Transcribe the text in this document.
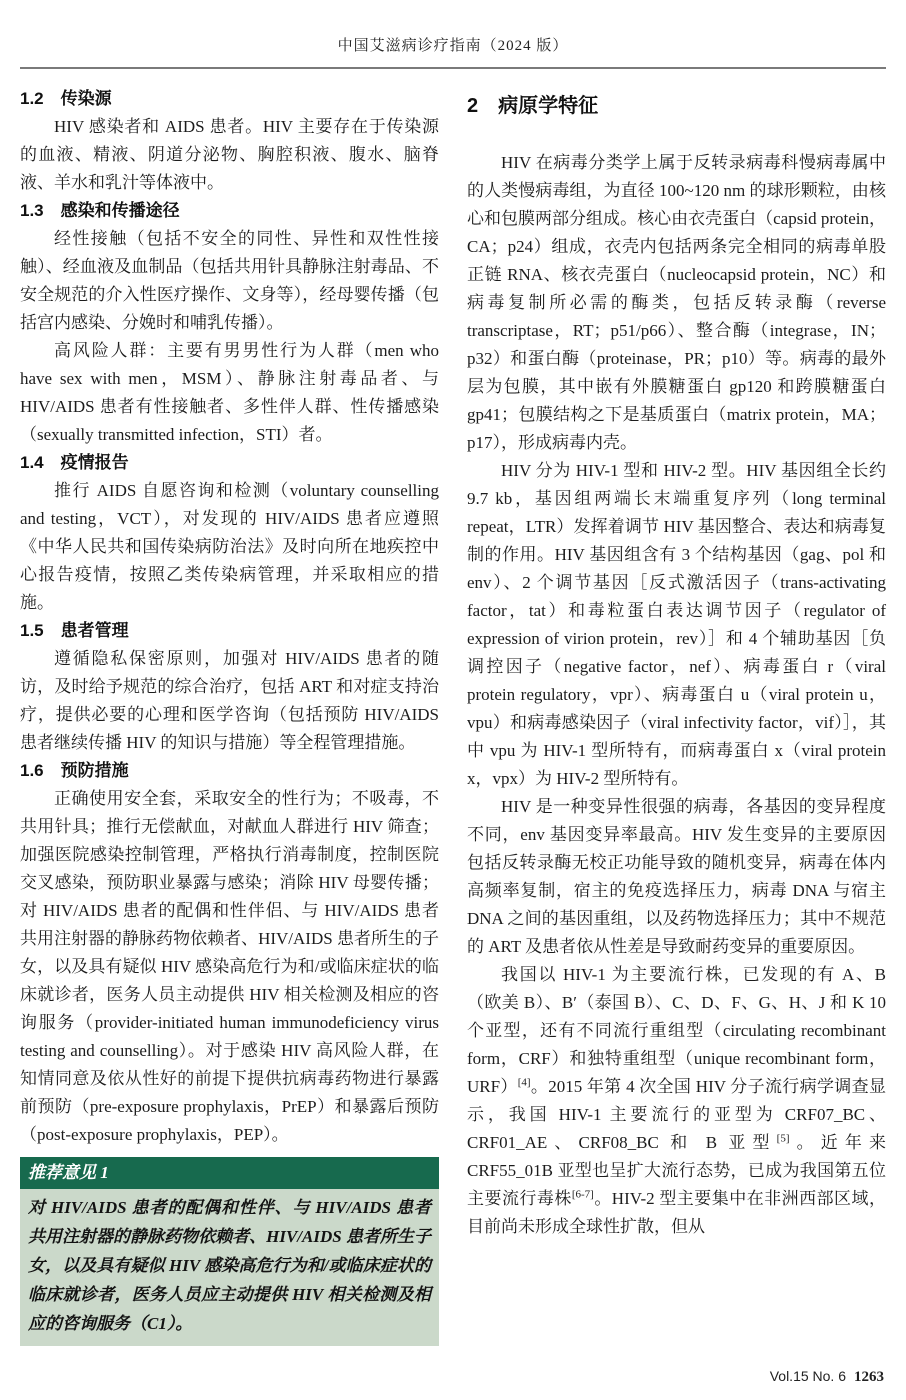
中国艾滋病诊疗指南（2024 版）
1.2　传染源

HIV 感染者和 AIDS 患者。HIV 主要存在于传染源的血液、精液、阴道分泌物、胸腔积液、腹水、脑脊液、羊水和乳汁等体液中。

1.3　感染和传播途径

经性接触（包括不安全的同性、异性和双性性接触）、经血液及血制品（包括共用针具静脉注射毒品、不安全规范的介入性医疗操作、文身等），经母婴传播（包括宫内感染、分娩时和哺乳传播）。

高风险人群：主要有男男性行为人群（men who have sex with men，MSM）、静脉注射毒品者、与 HIV/AIDS 患者有性接触者、多性伴人群、性传播感染（sexually transmitted infection，STI）者。

1.4　疫情报告

推行 AIDS 自愿咨询和检测（voluntary counselling and testing，VCT），对发现的 HIV/AIDS 患者应遵照《中华人民共和国传染病防治法》及时向所在地疾控中心报告疫情，按照乙类传染病管理，并采取相应的措施。

1.5　患者管理

遵循隐私保密原则，加强对 HIV/AIDS 患者的随访，及时给予规范的综合治疗，包括 ART 和对症支持治疗，提供必要的心理和医学咨询（包括预防 HIV/AIDS 患者继续传播 HIV 的知识与措施）等全程管理措施。

1.6　预防措施

正确使用安全套，采取安全的性行为；不吸毒，不共用针具；推行无偿献血，对献血人群进行 HIV 筛查；加强医院感染控制管理，严格执行消毒制度，控制医院交叉感染，预防职业暴露与感染；消除 HIV 母婴传播；对 HIV/AIDS 患者的配偶和性伴侣、与 HIV/AIDS 患者共用注射器的静脉药物依赖者、HIV/AIDS 患者所生的子女，以及具有疑似 HIV 感染高危行为和/或临床症状的临床就诊者，医务人员主动提供 HIV 相关检测及相应的咨询服务（provider-initiated human immunodeficiency virus testing and counselling）。对于感染 HIV 高风险人群，在知情同意及依从性好的前提下提供抗病毒药物进行暴露前预防（pre-exposure prophylaxis，PrEP）和暴露后预防（post-exposure prophylaxis，PEP）。

推荐意见 1
对 HIV/AIDS 患者的配偶和性伴、与 HIV/AIDS 患者共用注射器的静脉药物依赖者、HIV/AIDS 患者所生子女，以及具有疑似 HIV 感染高危行为和/或临床症状的临床就诊者，医务人员应主动提供 HIV 相关检测及相应的咨询服务（C1）。
2　病原学特征

HIV 在病毒分类学上属于反转录病毒科慢病毒属中的人类慢病毒组，为直径 100~120 nm 的球形颗粒，由核心和包膜两部分组成。核心由衣壳蛋白（capsid protein，CA；p24）组成，衣壳内包括两条完全相同的病毒单股正链 RNA、核衣壳蛋白（nucleocapsid protein，NC）和病毒复制所必需的酶类，包括反转录酶（reverse transcriptase，RT；p51/p66）、整合酶（integrase，IN；p32）和蛋白酶（proteinase，PR；p10）等。病毒的最外层为包膜，其中嵌有外膜糖蛋白 gp120 和跨膜糖蛋白 gp41；包膜结构之下是基质蛋白（matrix protein，MA；p17），形成病毒内壳。

HIV 分为 HIV-1 型和 HIV-2 型。HIV 基因组全长约 9.7 kb，基因组两端长末端重复序列（long terminal repeat，LTR）发挥着调节 HIV 基因整合、表达和病毒复制的作用。HIV 基因组含有 3 个结构基因（gag、pol 和 env）、2 个调节基因［反式激活因子（trans-activating factor，tat）和毒粒蛋白表达调节因子（regulator of expression of virion protein，rev）］和 4 个辅助基因［负调控因子（negative factor，nef）、病毒蛋白 r（viral protein regulatory，vpr）、病毒蛋白 u（viral protein u，vpu）和病毒感染因子（viral infectivity factor，vif）］，其中 vpu 为 HIV-1 型所特有，而病毒蛋白 x（viral protein x，vpx）为 HIV-2 型所特有。

HIV 是一种变异性很强的病毒，各基因的变异程度不同，env 基因变异率最高。HIV 发生变异的主要原因包括反转录酶无校正功能导致的随机变异，病毒在体内高频率复制，宿主的免疫选择压力，病毒 DNA 与宿主 DNA 之间的基因重组，以及药物选择压力；其中不规范的 ART 及患者依从性差是导致耐药变异的重要原因。

我国以 HIV-1 为主要流行株，已发现的有 A、B（欧美 B）、B′（泰国 B）、C、D、F、G、H、J 和 K 10 个亚型，还有不同流行重组型（circulating recombinant form，CRF）和独特重组型（unique recombinant form，URF）[4]。2015 年第 4 次全国 HIV 分子流行病学调查显示，我国 HIV-1 主要流行的亚型为 CRF07_BC、CRF01_AE、CRF08_BC 和 B 亚型[5]。近年来 CRF55_01B 亚型也呈扩大流行态势，已成为我国第五位主要流行毒株[6-7]。HIV-2 型主要集中在非洲西部区域，目前尚未形成全球性扩散，但从

Vol.15 No. 6 1263
